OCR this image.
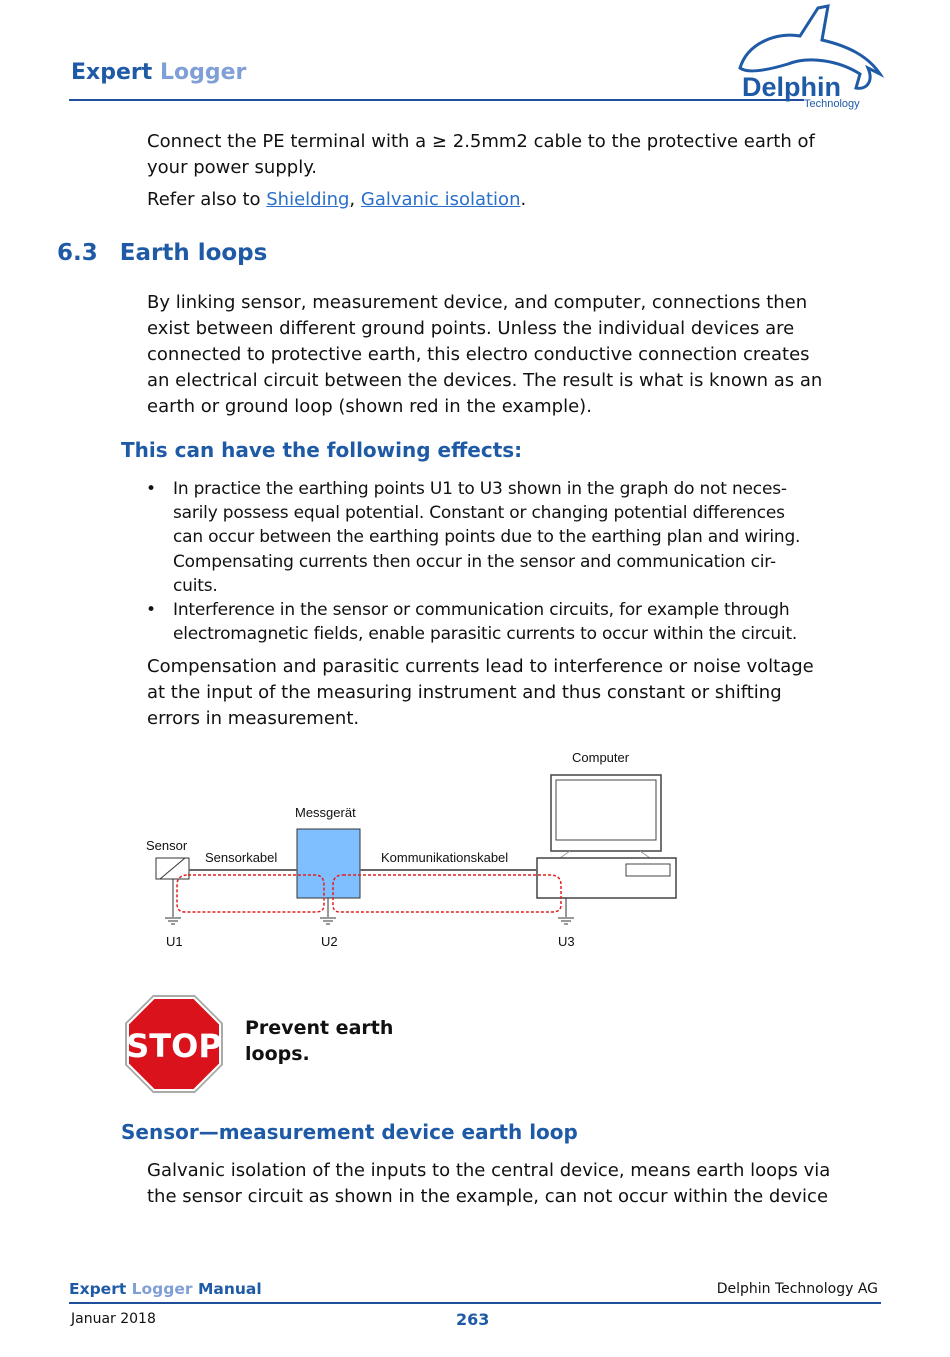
Expert Logger	Delphin
Technology
Connect the PE terminal with a ≥ 2.5mm2 cable to the protective earth of
your power supply.
Refer also to Shielding, Galvanic isolation.
6.3 Earth loops
By linking sensor, measurement device, and computer, connections then
exist between different ground points. Unless the individual devices are
connected to protective earth, this electro conductive connection creates
an electrical circuit between the devices. The result is what is known as an
earth or ground loop (shown red in the example).
This can have the following effects:
• In practice the earthing points U1 to U3 shown in the graph do not neces-
sarily possess equal potential. Constant or changing potential differences
can occur between the earthing points due to the earthing plan and wiring.
Compensating currents then occur in the sensor and communication cir-
cuits.
• Interference in the sensor or communication circuits, for example through
electromagnetic fields, enable parasitic currents to occur within the circuit.
Compensation and parasitic currents lead to interference or noise voltage
at the input of the measuring instrument and thus constant or shifting
errors in measurement.
Computer
Messgerät
Sensor
Sensorkabel	Kommunikationskabel
U1	U2	U3
STOP Prevent earth
loops.
Sensor—measurement device earth loop
Galvanic isolation of the inputs to the central device, means earth loops via
the sensor circuit as shown in the example, can not occur within the device
Expert Logger Manual	Delphin Technology AG
Januar 2018	263
